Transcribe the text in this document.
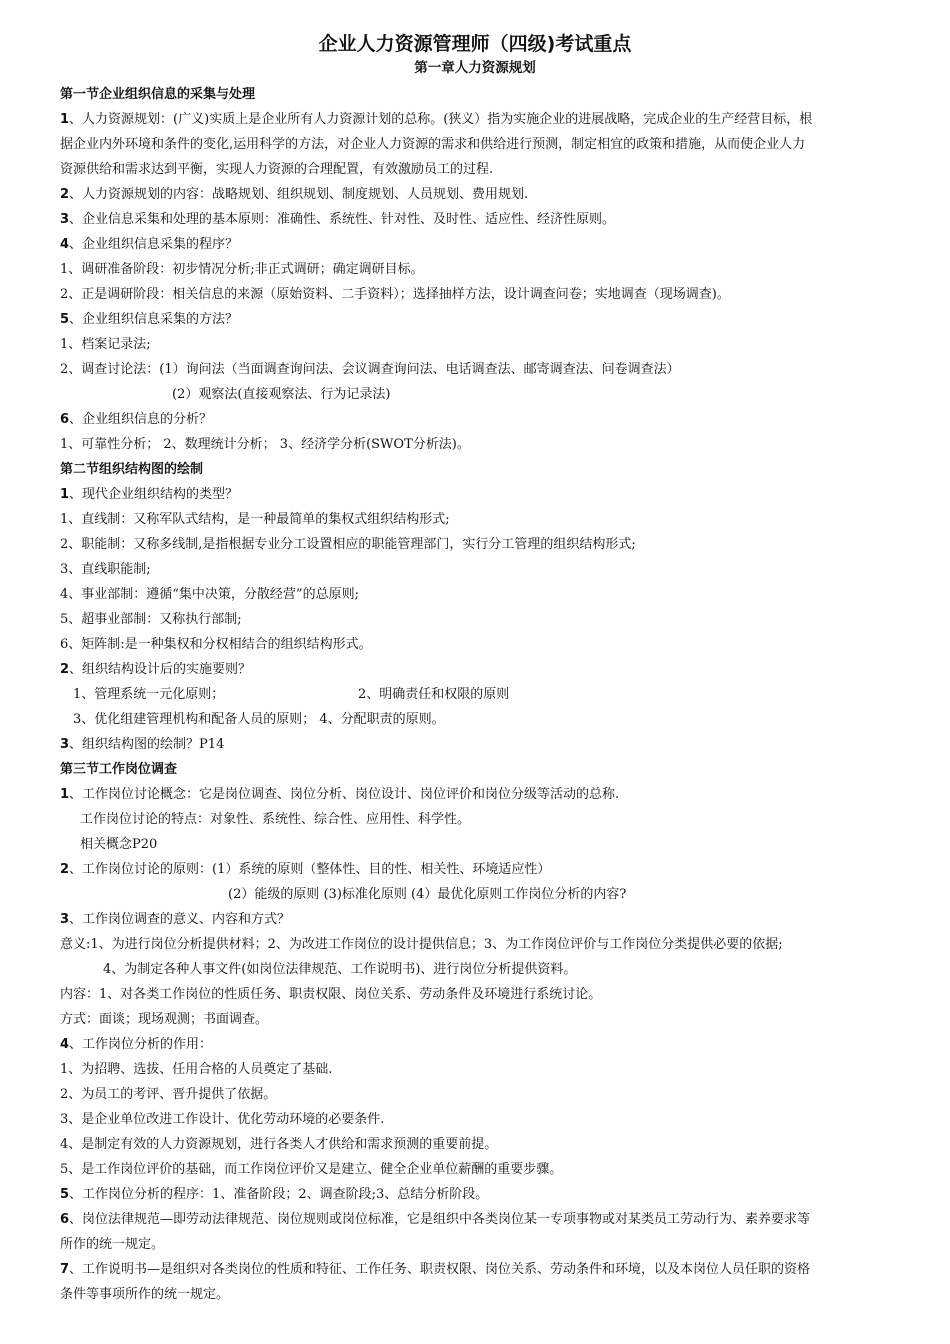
企业人力资源管理师（四级)考试重点
第一章人力资源规划
第一节企业组织信息的采集与处理
1、人力资源规划：(广义)实质上是企业所有人力资源计划的总称。(狭义）指为实施企业的进展战略，完成企业的生产经营目标，根
据企业内外环境和条件的变化,运用科学的方法，对企业人力资源的需求和供给进行预测，制定相宜的政策和措施，从而使企业人力
资源供给和需求达到平衡，实现人力资源的合理配置，有效激励员工的过程.
2、人力资源规划的内容：战略规划、组织规划、制度规划、人员规划、费用规划.
3、企业信息采集和处理的基本原则：准确性、系统性、针对性、及时性、适应性、经济性原则。
4、企业组织信息采集的程序？
1、调研准备阶段：初步情况分析;非正式调研；确定调研目标。
2、正是调研阶段：相关信息的来源（原始资料、二手资料）；选择抽样方法，设计调查问卷；实地调查（现场调查)。
5、企业组织信息采集的方法？
1、档案记录法;
2、调查讨论法：(1）询问法（当面调查询问法、会议调查询问法、电话调查法、邮寄调查法、问卷调查法）
(2）观察法(直接观察法、行为记录法)
6、企业组织信息的分析？
1、可靠性分析； 2、数理统计分析； 3、经济学分析(SWOT分析法)。
第二节组织结构图的绘制
1、现代企业组织结构的类型？
1、直线制：又称军队式结构，是一种最简单的集权式组织结构形式;
2、职能制：又称多线制,是指根据专业分工设置相应的职能管理部门，实行分工管理的组织结构形式;
3、直线职能制;
4、事业部制：遵循“集中决策，分散经营”的总原则;
5、超事业部制：又称执行部制;
6、矩阵制:是一种集权和分权相结合的组织结构形式。
2、组织结构设计后的实施要则？
1、管理系统一元化原则；	2、明确责任和权限的原则
3、优化组建管理机构和配备人员的原则； 4、分配职责的原则。
3、组织结构图的绘制？P14
第三节工作岗位调查
1、工作岗位讨论概念：它是岗位调查、岗位分析、岗位设计、岗位评价和岗位分级等活动的总称.
工作岗位讨论的特点：对象性、系统性、综合性、应用性、科学性。
相关概念P20
2、工作岗位讨论的原则：(1）系统的原则（整体性、目的性、相关性、环境适应性）
(2）能级的原则 (3)标准化原则 (4）最优化原则工作岗位分析的内容?
3、工作岗位调查的意义、内容和方式？
意义:1、为进行岗位分析提供材料；2、为改进工作岗位的设计提供信息；3、为工作岗位评价与工作岗位分类提供必要的依据;
4、为制定各种人事文件(如岗位法律规范、工作说明书)、进行岗位分析提供资料。
内容：1、对各类工作岗位的性质任务、职责权限、岗位关系、劳动条件及环境进行系统讨论。
方式：面谈；现场观测；书面调查。
4、工作岗位分析的作用：
1、为招聘、选拔、任用合格的人员奠定了基础.
2、为员工的考评、晋升提供了依据。
3、是企业单位改进工作设计、优化劳动环境的必要条件.
4、是制定有效的人力资源规划，进行各类人才供给和需求预测的重要前提。
5、是工作岗位评价的基础，而工作岗位评价又是建立、健全企业单位薪酬的重要步骤。
5、工作岗位分析的程序：1、准备阶段；2、调查阶段;3、总结分析阶段。
6、岗位法律规范—即劳动法律规范、岗位规则或岗位标准，它是组织中各类岗位某一专项事物或对某类员工劳动行为、素养要求等
所作的统一规定。
7、工作说明书—是组织对各类岗位的性质和特征、工作任务、职责权限、岗位关系、劳动条件和环境，以及本岗位人员任职的资格
条件等事项所作的统一规定。
